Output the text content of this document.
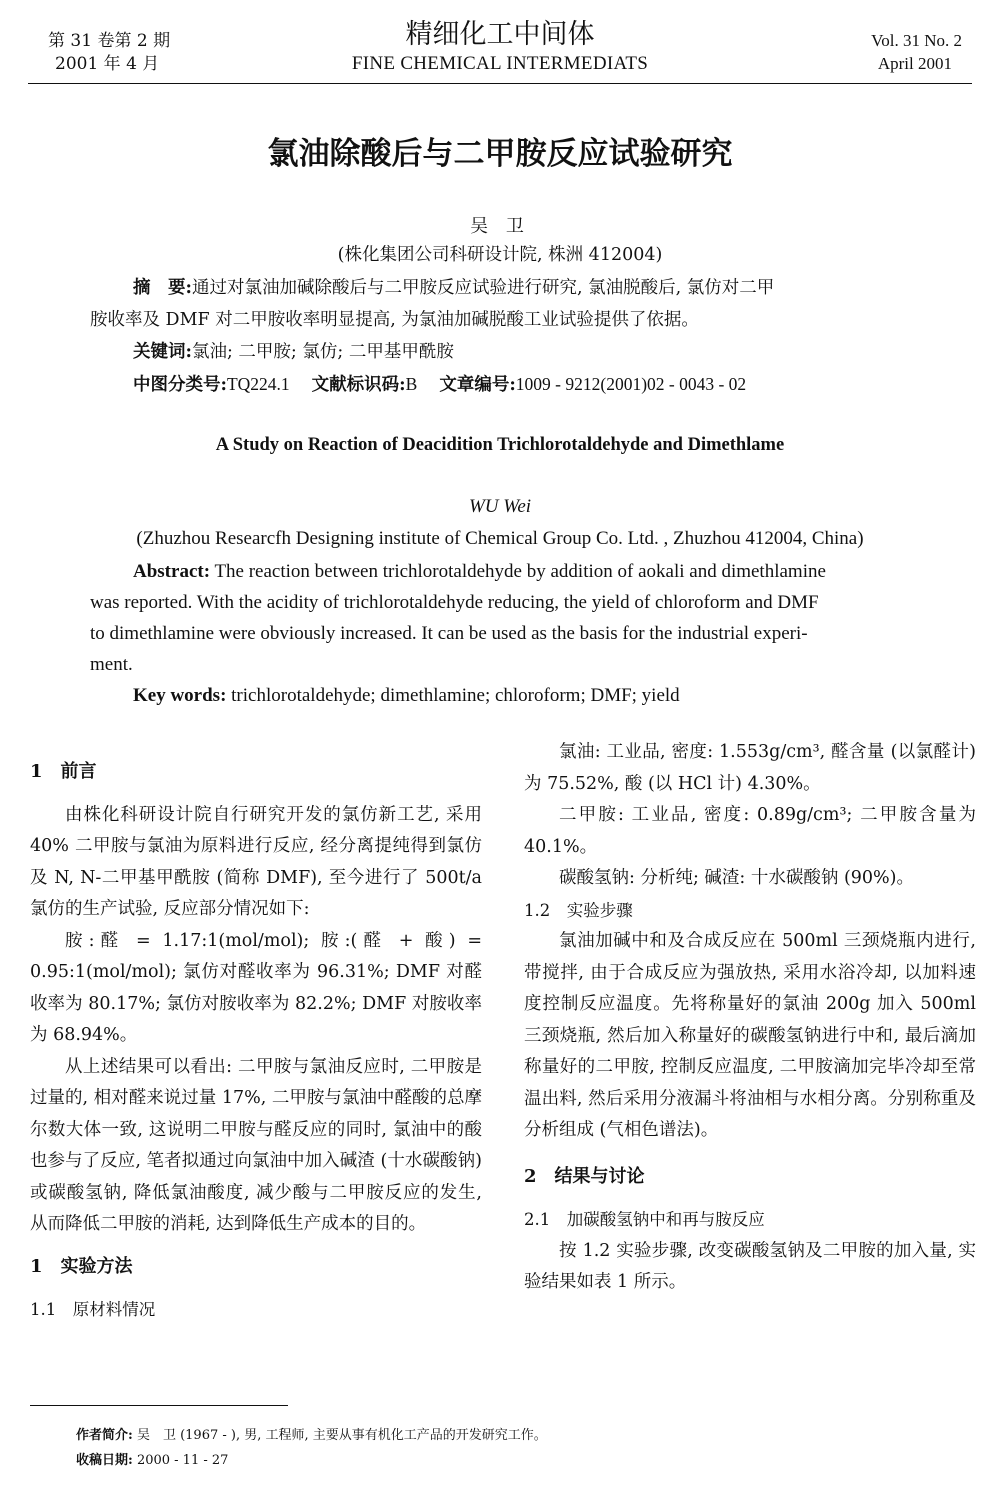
第 31 卷第 2 期
2001 年 4 月
精细化工中间体
FINE CHEMICAL INTERMEDIATS
Vol. 31 No. 2
April 2001
氯油除酸后与二甲胺反应试验研究
吴 卫
(株化集团公司科研设计院, 株洲 412004)
摘　要:通过对氯油加碱除酸后与二甲胺反应试验进行研究, 氯油脱酸后, 氯仿对二甲
胺收率及 DMF 对二甲胺收率明显提高, 为氯油加碱脱酸工业试验提供了依据。
关键词:氯油; 二甲胺; 氯仿; 二甲基甲酰胺
中图分类号:TQ224.1 文献标识码:B 文章编号:1009 - 9212(2001)02 - 0043 - 02
A Study on Reaction of Deacidition Trichlorotaldehyde and Dimethlame
WU Wei
(Zhuzhou Researcfh Designing institute of Chemical Group Co. Ltd. , Zhuzhou 412004, China)
Abstract: The reaction between trichlorotaldehyde by addition of aokali and dimethlamine
was reported. With the acidity of trichlorotaldehyde reducing, the yield of chloroform and DMF
to dimethlamine were obviously increased. It can be used as the basis for the industrial experi-
ment.
Key words: trichlorotaldehyde; dimethlamine; chloroform; DMF; yield

1　前言

由株化科研设计院自行研究开发的氯仿新工艺, 采用 40% 二甲胺与氯油为原料进行反应, 经分离提纯得到氯仿及 N, N-二甲基甲酰胺 (简称 DMF), 至今进行了 500t/a 氯仿的生产试验, 反应部分情况如下:

胺:醛 = 1.17:1(mol/mol); 胺:(醛 + 酸) = 0.95:1(mol/mol); 氯仿对醛收率为 96.31%; DMF 对醛收率为 80.17%; 氯仿对胺收率为 82.2%; DMF 对胺收率为 68.94%。

从上述结果可以看出: 二甲胺与氯油反应时, 二甲胺是过量的, 相对醛来说过量 17%, 二甲胺与氯油中醛酸的总摩尔数大体一致, 这说明二甲胺与醛反应的同时, 氯油中的酸也参与了反应, 笔者拟通过向氯油中加入碱渣 (十水碳酸钠) 或碳酸氢钠, 降低氯油酸度, 减少酸与二甲胺反应的发生, 从而降低二甲胺的消耗, 达到降低生产成本的目的。

1　实验方法

1.1　原材料情况

氯油: 工业品, 密度: 1.553g/cm³, 醛含量 (以氯醛计) 为 75.52%, 酸 (以 HCl 计) 4.30%。

二甲胺: 工业品, 密度: 0.89g/cm³; 二甲胺含量为 40.1%。

碳酸氢钠: 分析纯; 碱渣: 十水碳酸钠 (90%)。

1.2　实验步骤

氯油加碱中和及合成反应在 500ml 三颈烧瓶内进行, 带搅拌, 由于合成反应为强放热, 采用水浴冷却, 以加料速度控制反应温度。先将称量好的氯油 200g 加入 500ml 三颈烧瓶, 然后加入称量好的碳酸氢钠进行中和, 最后滴加称量好的二甲胺, 控制反应温度, 二甲胺滴加完毕冷却至常温出料, 然后采用分液漏斗将油相与水相分离。分别称重及分析组成 (气相色谱法)。

2　结果与讨论

2.1　加碳酸氢钠中和再与胺反应

按 1.2 实验步骤, 改变碳酸氢钠及二甲胺的加入量, 实验结果如表 1 所示。

作者简介: 吴　卫 (1967 - ), 男, 工程师, 主要从事有机化工产品的开发研究工作。
收稿日期: 2000 - 11 - 27
